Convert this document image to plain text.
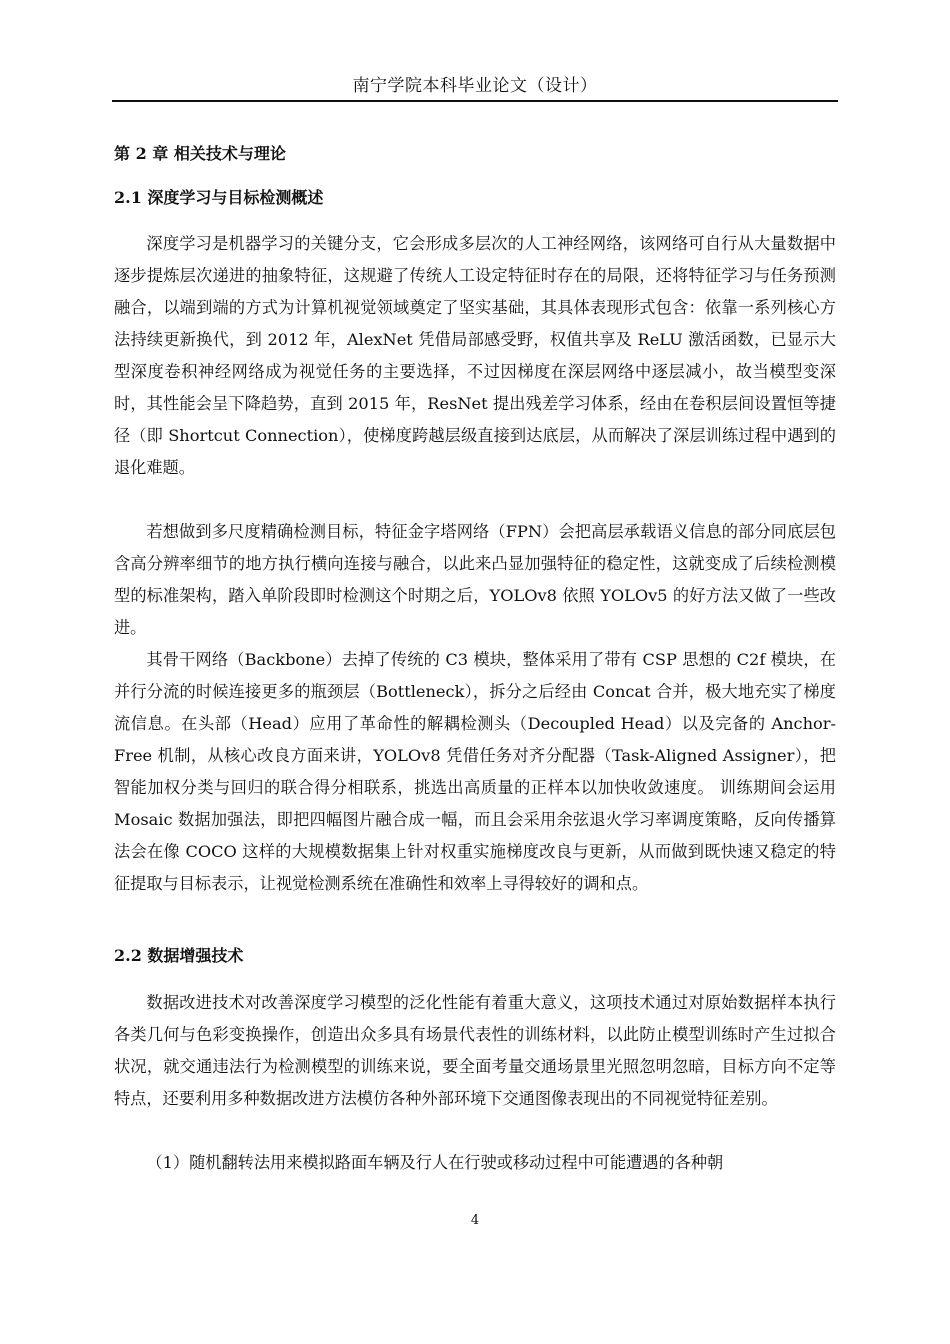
南宁学院本科毕业论文（设计）
第 2 章 相关技术与理论
2.1 深度学习与目标检测概述

深度学习是机器学习的关键分支，它会形成多层次的人工神经网络，该网络可自行从大量数据中逐步提炼层次递进的抽象特征，这规避了传统人工设定特征时存在的局限，还将特征学习与任务预测融合，以端到端的方式为计算机视觉领域奠定了坚实基础，其具体表现形式包含：依靠一系列核心方法持续更新换代，到 2012 年，AlexNet 凭借局部感受野，权值共享及 ReLU 激活函数，已显示大型深度卷积神经网络成为视觉任务的主要选择，不过因梯度在深层网络中逐层减小，故当模型变深时，其性能会呈下降趋势，直到 2015 年，ResNet 提出残差学习体系，经由在卷积层间设置恒等捷径（即 Shortcut Connection），使梯度跨越层级直接到达底层，从而解决了深层训练过程中遇到的退化难题。

若想做到多尺度精确检测目标，特征金字塔网络（FPN）会把高层承载语义信息的部分同底层包含高分辨率细节的地方执行横向连接与融合，以此来凸显加强特征的稳定性，这就变成了后续检测模型的标准架构，踏入单阶段即时检测这个时期之后，YOLOv8 依照 YOLOv5 的好方法又做了一些改进。

其骨干网络（Backbone）去掉了传统的 C3 模块，整体采用了带有 CSP 思想的 C2f 模块，在并行分流的时候连接更多的瓶颈层（Bottleneck），拆分之后经由 Concat 合并，极大地充实了梯度流信息。在头部（Head）应用了革命性的解耦检测头（Decoupled Head）以及完备的 Anchor-Free 机制，从核心改良方面来讲，YOLOv8 凭借任务对齐分配器（Task-Aligned Assigner），把智能加权分类与回归的联合得分相联系，挑选出高质量的正样本以加快收敛速度。 训练期间会运用 Mosaic 数据加强法，即把四幅图片融合成一幅，而且会采用余弦退火学习率调度策略，反向传播算法会在像 COCO 这样的大规模数据集上针对权重实施梯度改良与更新，从而做到既快速又稳定的特征提取与目标表示，让视觉检测系统在准确性和效率上寻得较好的调和点。

2.2 数据增强技术

数据改进技术对改善深度学习模型的泛化性能有着重大意义，这项技术通过对原始数据样本执行各类几何与色彩变换操作，创造出众多具有场景代表性的训练材料，以此防止模型训练时产生过拟合状况，就交通违法行为检测模型的训练来说，要全面考量交通场景里光照忽明忽暗，目标方向不定等特点，还要利用多种数据改进方法模仿各种外部环境下交通图像表现出的不同视觉特征差别。

（1）随机翻转法用来模拟路面车辆及行人在行驶或移动过程中可能遭遇的各种朝

4
